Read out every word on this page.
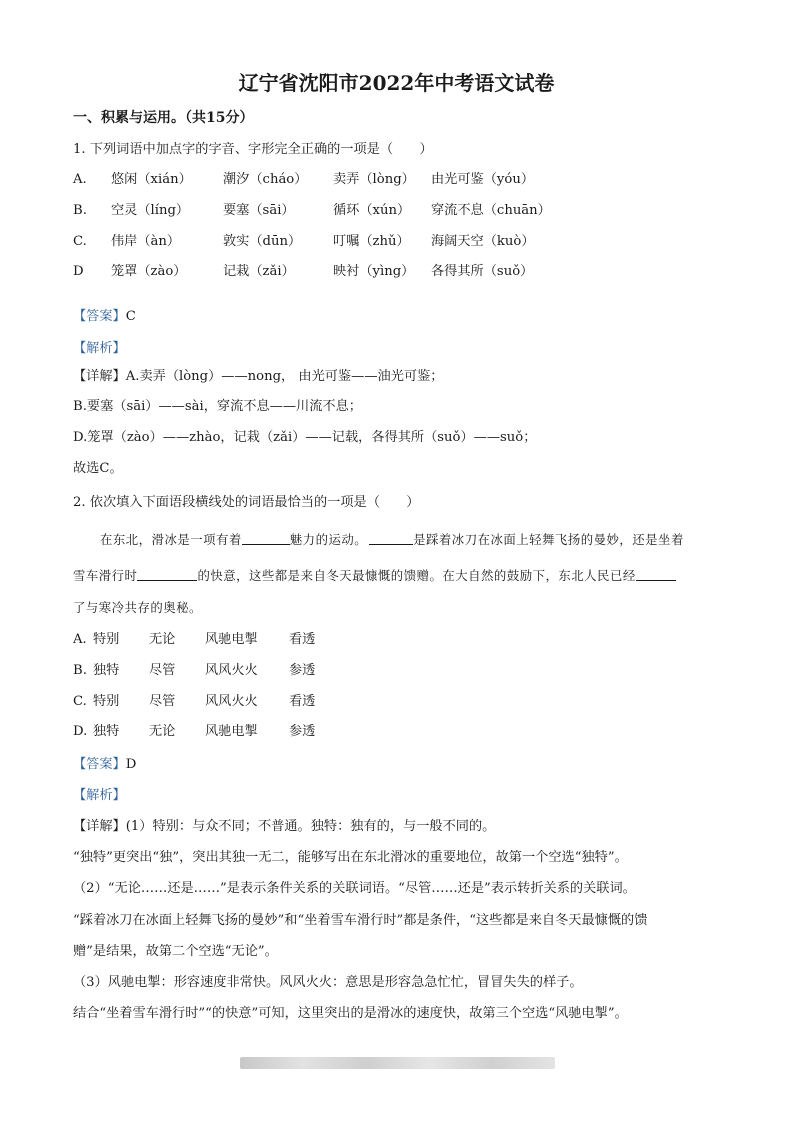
辽宁省沈阳市2022年中考语文试卷
一、积累与运用。（共15分）
1. 下列词语中加点字的字音、字形完全正确的一项是（　　）
A. 悠闲（xián） 潮汐（cháo） 卖弄（lòng） 由光可鉴（yóu）
B. 空灵（líng）	要塞（sāi）	循环（xún） 穿流不息（chuān）
C. 伟岸（àn）	敦实（dūn） 叮嘱（zhǔ） 海阔天空（kuò）
D 笼罩（zào）	记栽（zǎi）	映衬（yìng） 各得其所（suǒ）
【答案】C
【解析】
【详解】A.卖弄（lòng）——nong， 由光可鉴——油光可鉴；
B.要塞（sāi）——sài，穿流不息——川流不息；
D.笼罩（zào）——zhào，记栽（zǎi）——记载，各得其所（suǒ）——suǒ；
故选C。
2. 依次填入下面语段横线处的词语最恰当的一项是（　　）
在东北，滑冰是一项有着	魅力的运动。	是踩着冰刀在冰面上轻舞飞扬的曼妙，还是坐着
雪车滑行时	的快意，这些都是来自冬天最慷慨的馈赠。在大自然的鼓励下，东北人民已经
了与寒冷共存的奥秘。
A. 特别 无论 风驰电掣 看透
B. 独特 尽管 风风火火 参透
C. 特别 尽管 风风火火 看透
D. 独特 无论 风驰电掣 参透
【答案】D
【解析】
【详解】(1）特别：与众不同；不普通。独特：独有的，与一般不同的。
“独特”更突出“独”，突出其独一无二，能够写出在东北滑冰的重要地位，故第一个空选“独特”。
（2）“无论……还是……”是表示条件关系的关联词语。“尽管……还是”表示转折关系的关联词。
“踩着冰刀在冰面上轻舞飞扬的曼妙”和“坐着雪车滑行时”都是条件，“这些都是来自冬天最慷慨的馈
赠”是结果，故第二个空选“无论”。
（3）风驰电掣：形容速度非常快。风风火火：意思是形容急急忙忙，冒冒失失的样子。
结合“坐着雪车滑行时”“的快意”可知，这里突出的是滑冰的速度快，故第三个空选“风驰电掣”。
